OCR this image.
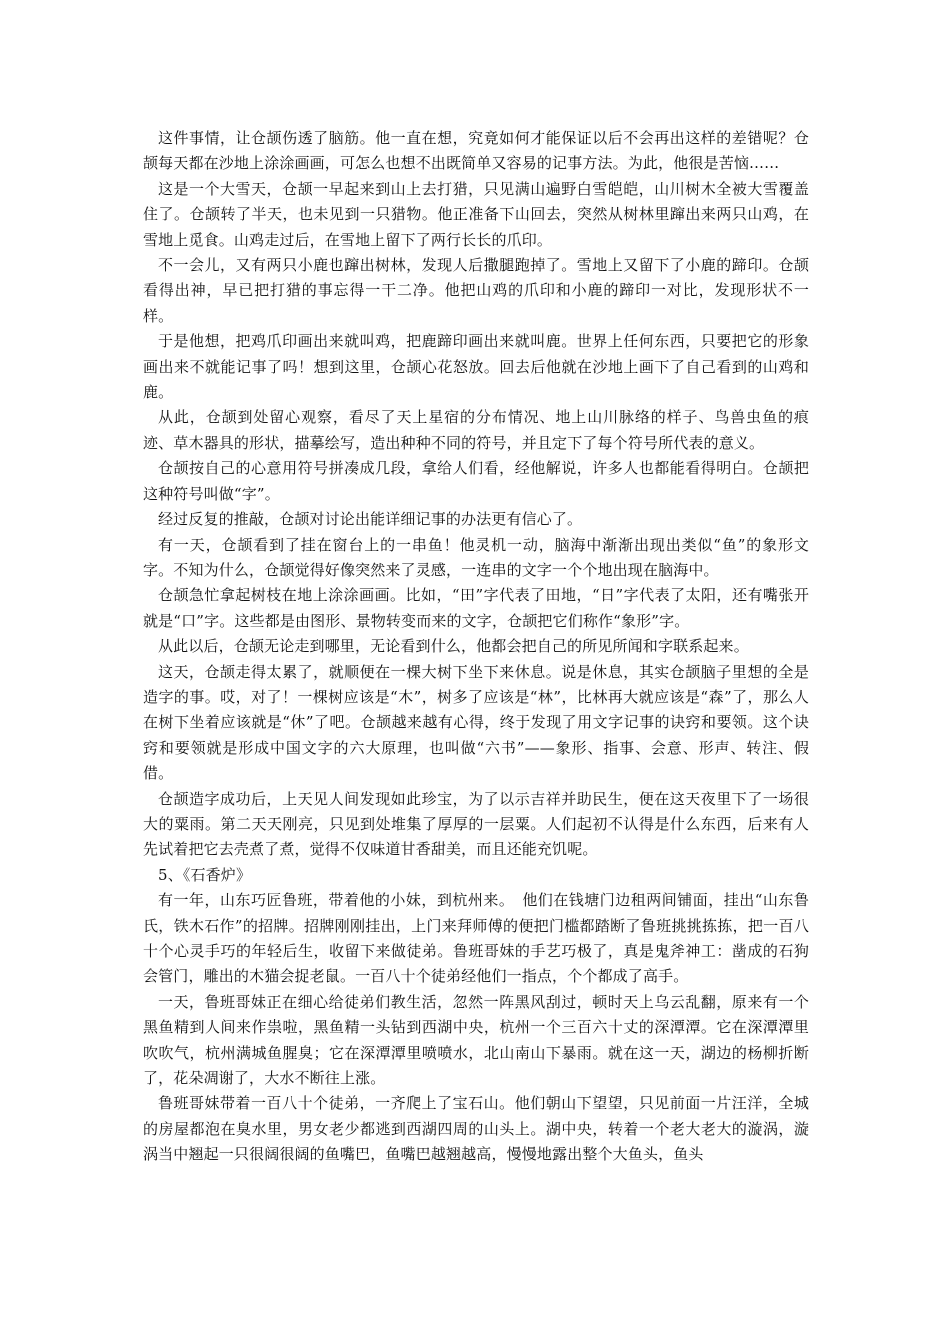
这件事情，让仓颉伤透了脑筋。他一直在想，究竟如何才能保证以后不会再出这样的差错呢？仓颉每天都在沙地上涂涂画画，可怎么也想不出既简单又容易的记事方法。为此，他很是苦恼……

这是一个大雪天，仓颉一早起来到山上去打猎，只见满山遍野白雪皑皑，山川树木全被大雪覆盖住了。仓颉转了半天，也未见到一只猎物。他正准备下山回去，突然从树林里蹿出来两只山鸡，在雪地上觅食。山鸡走过后，在雪地上留下了两行长长的爪印。

不一会儿，又有两只小鹿也蹿出树林，发现人后撒腿跑掉了。雪地上又留下了小鹿的蹄印。仓颉看得出神，早已把打猎的事忘得一干二净。他把山鸡的爪印和小鹿的蹄印一对比，发现形状不一样。

于是他想，把鸡爪印画出来就叫鸡，把鹿蹄印画出来就叫鹿。世界上任何东西，只要把它的形象画出来不就能记事了吗！想到这里，仓颉心花怒放。回去后他就在沙地上画下了自己看到的山鸡和鹿。

从此，仓颉到处留心观察，看尽了天上星宿的分布情况、地上山川脉络的样子、鸟兽虫鱼的痕迹、草木器具的形状，描摹绘写，造出种种不同的符号，并且定下了每个符号所代表的意义。

仓颉按自己的心意用符号拼凑成几段，拿给人们看，经他解说，许多人也都能看得明白。仓颉把这种符号叫做“字”。

经过反复的推敲，仓颉对讨论出能详细记事的办法更有信心了。

有一天，仓颉看到了挂在窗台上的一串鱼！他灵机一动，脑海中渐渐出现出类似“鱼”的象形文字。不知为什么，仓颉觉得好像突然来了灵感，一连串的文字一个个地出现在脑海中。

仓颉急忙拿起树枝在地上涂涂画画。比如，“田”字代表了田地，“日”字代表了太阳，还有嘴张开就是“口”字。这些都是由图形、景物转变而来的文字，仓颉把它们称作“象形”字。

从此以后，仓颉无论走到哪里，无论看到什么，他都会把自己的所见所闻和字联系起来。

这天，仓颉走得太累了，就顺便在一棵大树下坐下来休息。说是休息，其实仓颉脑子里想的全是造字的事。哎，对了！一棵树应该是“木”，树多了应该是“林”，比林再大就应该是“森”了，那么人在树下坐着应该就是“休”了吧。仓颉越来越有心得，终于发现了用文字记事的诀窍和要领。这个诀窍和要领就是形成中国文字的六大原理，也叫做“六书”——象形、指事、会意、形声、转注、假借。

仓颉造字成功后，上天见人间发现如此珍宝，为了以示吉祥并助民生，便在这天夜里下了一场很大的粟雨。第二天天刚亮，只见到处堆集了厚厚的一层粟。人们起初不认得是什么东西，后来有人先试着把它去壳煮了煮，觉得不仅味道甘香甜美，而且还能充饥呢。

5、《石香炉》

有一年，山东巧匠鲁班，带着他的小妹，到杭州来。　他们在钱塘门边租两间铺面，挂出“山东鲁氏，铁木石作”的招牌。招牌刚刚挂出，上门来拜师傅的便把门槛都踏断了鲁班挑挑拣拣，把一百八十个心灵手巧的年轻后生，收留下来做徒弟。鲁班哥妹的手艺巧极了，真是鬼斧神工：凿成的石狗会管门，雕出的木猫会捉老鼠。一百八十个徒弟经他们一指点，个个都成了高手。

一天，鲁班哥妹正在细心给徒弟们教生活，忽然一阵黑风刮过，顿时天上乌云乱翻，原来有一个黑鱼精到人间来作祟啦，黑鱼精一头钻到西湖中央，杭州一个三百六十丈的深潭潭。它在深潭潭里吹吹气，杭州满城鱼腥臭；它在深潭潭里喷喷水，北山南山下暴雨。就在这一天，湖边的杨柳折断了，花朵凋谢了，大水不断往上涨。

鲁班哥妹带着一百八十个徒弟，一齐爬上了宝石山。他们朝山下望望，只见前面一片汪洋，全城的房屋都泡在臭水里，男女老少都逃到西湖四周的山头上。湖中央，转着一个老大老大的漩涡，漩涡当中翘起一只很阔很阔的鱼嘴巴，鱼嘴巴越翘越高，慢慢地露出整个大鱼头，鱼头
